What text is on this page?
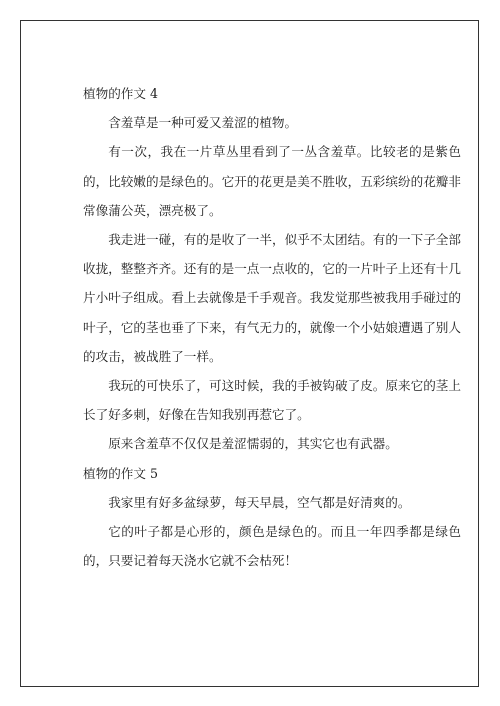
植物的作文 4

含羞草是一种可爱又羞涩的植物。

有一次，我在一片草丛里看到了一丛含羞草。比较老的是紫色的，比较嫩的是绿色的。它开的花更是美不胜收，五彩缤纷的花瓣非常像蒲公英，漂亮极了。

我走进一碰，有的是收了一半，似乎不太团结。有的一下子全部收拢，整整齐齐。还有的是一点一点收的，它的一片叶子上还有十几片小叶子组成。看上去就像是千手观音。我发觉那些被我用手碰过的叶子，它的茎也垂了下来，有气无力的，就像一个小姑娘遭遇了别人的攻击，被战胜了一样。

我玩的可快乐了，可这时候，我的手被钩破了皮。原来它的茎上长了好多刺，好像在告知我别再惹它了。

原来含羞草不仅仅是羞涩懦弱的，其实它也有武器。

植物的作文 5

我家里有好多盆绿萝，每天早晨，空气都是好清爽的。

它的叶子都是心形的，颜色是绿色的。而且一年四季都是绿色的，只要记着每天浇水它就不会枯死！
